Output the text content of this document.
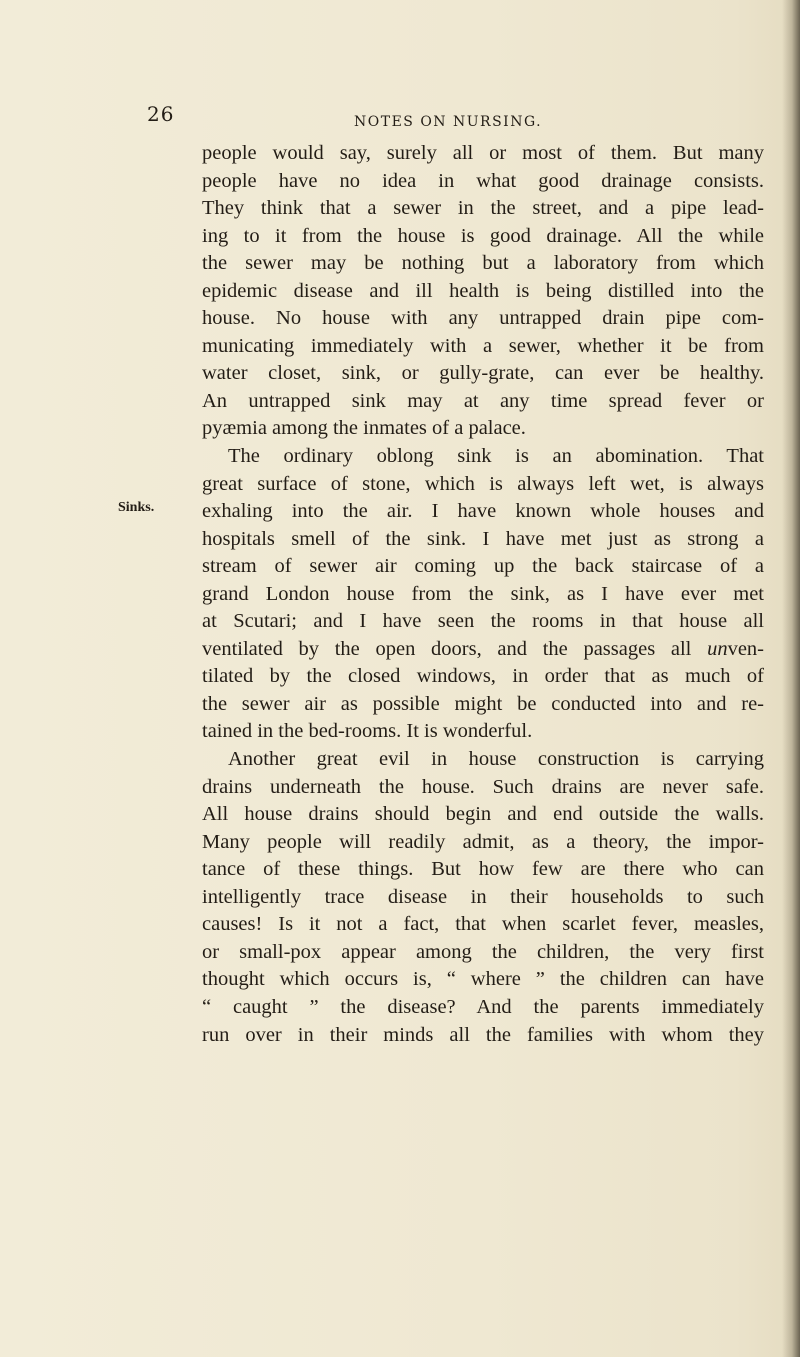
26	NOTES ON NURSING.
Sinks.
people would say, surely all or most of them. But many
people have no idea in what good drainage consists.
They think that a sewer in the street, and a pipe lead-
ing to it from the house is good drainage. All the while
the sewer may be nothing but a laboratory from which
epidemic disease and ill health is being distilled into the
house. No house with any untrapped drain pipe com-
municating immediately with a sewer, whether it be from
water closet, sink, or gully-grate, can ever be healthy.
An untrapped sink may at any time spread fever or
pyæmia among the inmates of a palace.
The ordinary oblong sink is an abomination. That
great surface of stone, which is always left wet, is always
exhaling into the air. I have known whole houses and
hospitals smell of the sink. I have met just as strong a
stream of sewer air coming up the back staircase of a
grand London house from the sink, as I have ever met
at Scutari; and I have seen the rooms in that house all
ventilated by the open doors, and the passages all unven-
tilated by the closed windows, in order that as much of
the sewer air as possible might be conducted into and re-
tained in the bed-rooms. It is wonderful.
Another great evil in house construction is carrying
drains underneath the house. Such drains are never safe.
All house drains should begin and end outside the walls.
Many people will readily admit, as a theory, the impor-
tance of these things. But how few are there who can
intelligently trace disease in their households to such
causes! Is it not a fact, that when scarlet fever, measles,
or small-pox appear among the children, the very first
thought which occurs is, “ where ” the children can have
“ caught ” the disease? And the parents immediately
run over in their minds all the families with whom they
